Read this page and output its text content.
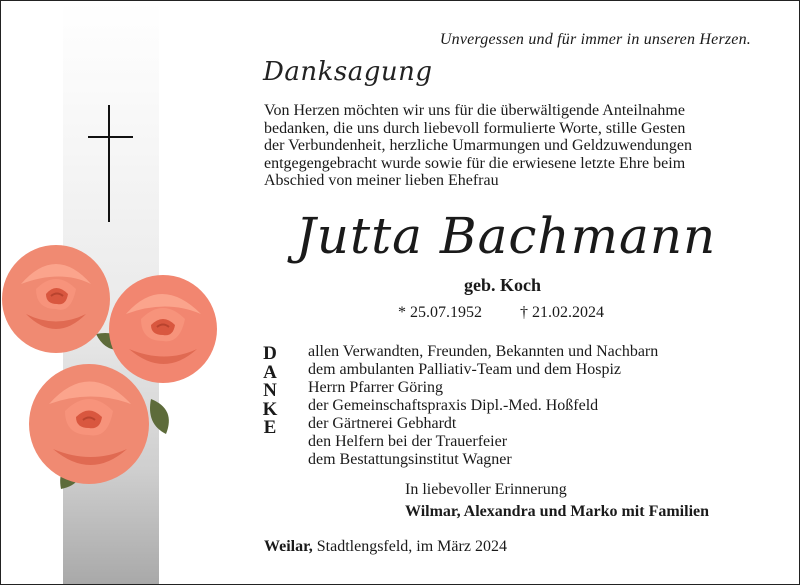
Unvergessen und für immer in unseren Herzen.
Danksagung
Von Herzen möchten wir uns für die überwältigende Anteilnahme
bedanken, die uns durch liebevoll formulierte Worte, stille Gesten
der Verbundenheit, herzliche Umarmungen und Geldzuwendungen
entgegengebracht wurde sowie für die erwiesene letzte Ehre beim
Abschied von meiner lieben Ehefrau
Jutta Bachmann
geb. Koch
* 25.07.1952 † 21.02.2024
D
A
N
K
E
allen Verwandten, Freunden, Bekannten und Nachbarn
dem ambulanten Palliativ-Team und dem Hospiz
Herrn Pfarrer Göring
der Gemeinschaftspraxis Dipl.-Med. Hoßfeld
der Gärtnerei Gebhardt
den Helfern bei der Trauerfeier
dem Bestattungsinstitut Wagner
In liebevoller Erinnerung
Wilmar, Alexandra und Marko mit Familien
Weilar, Stadtlengsfeld, im März 2024
